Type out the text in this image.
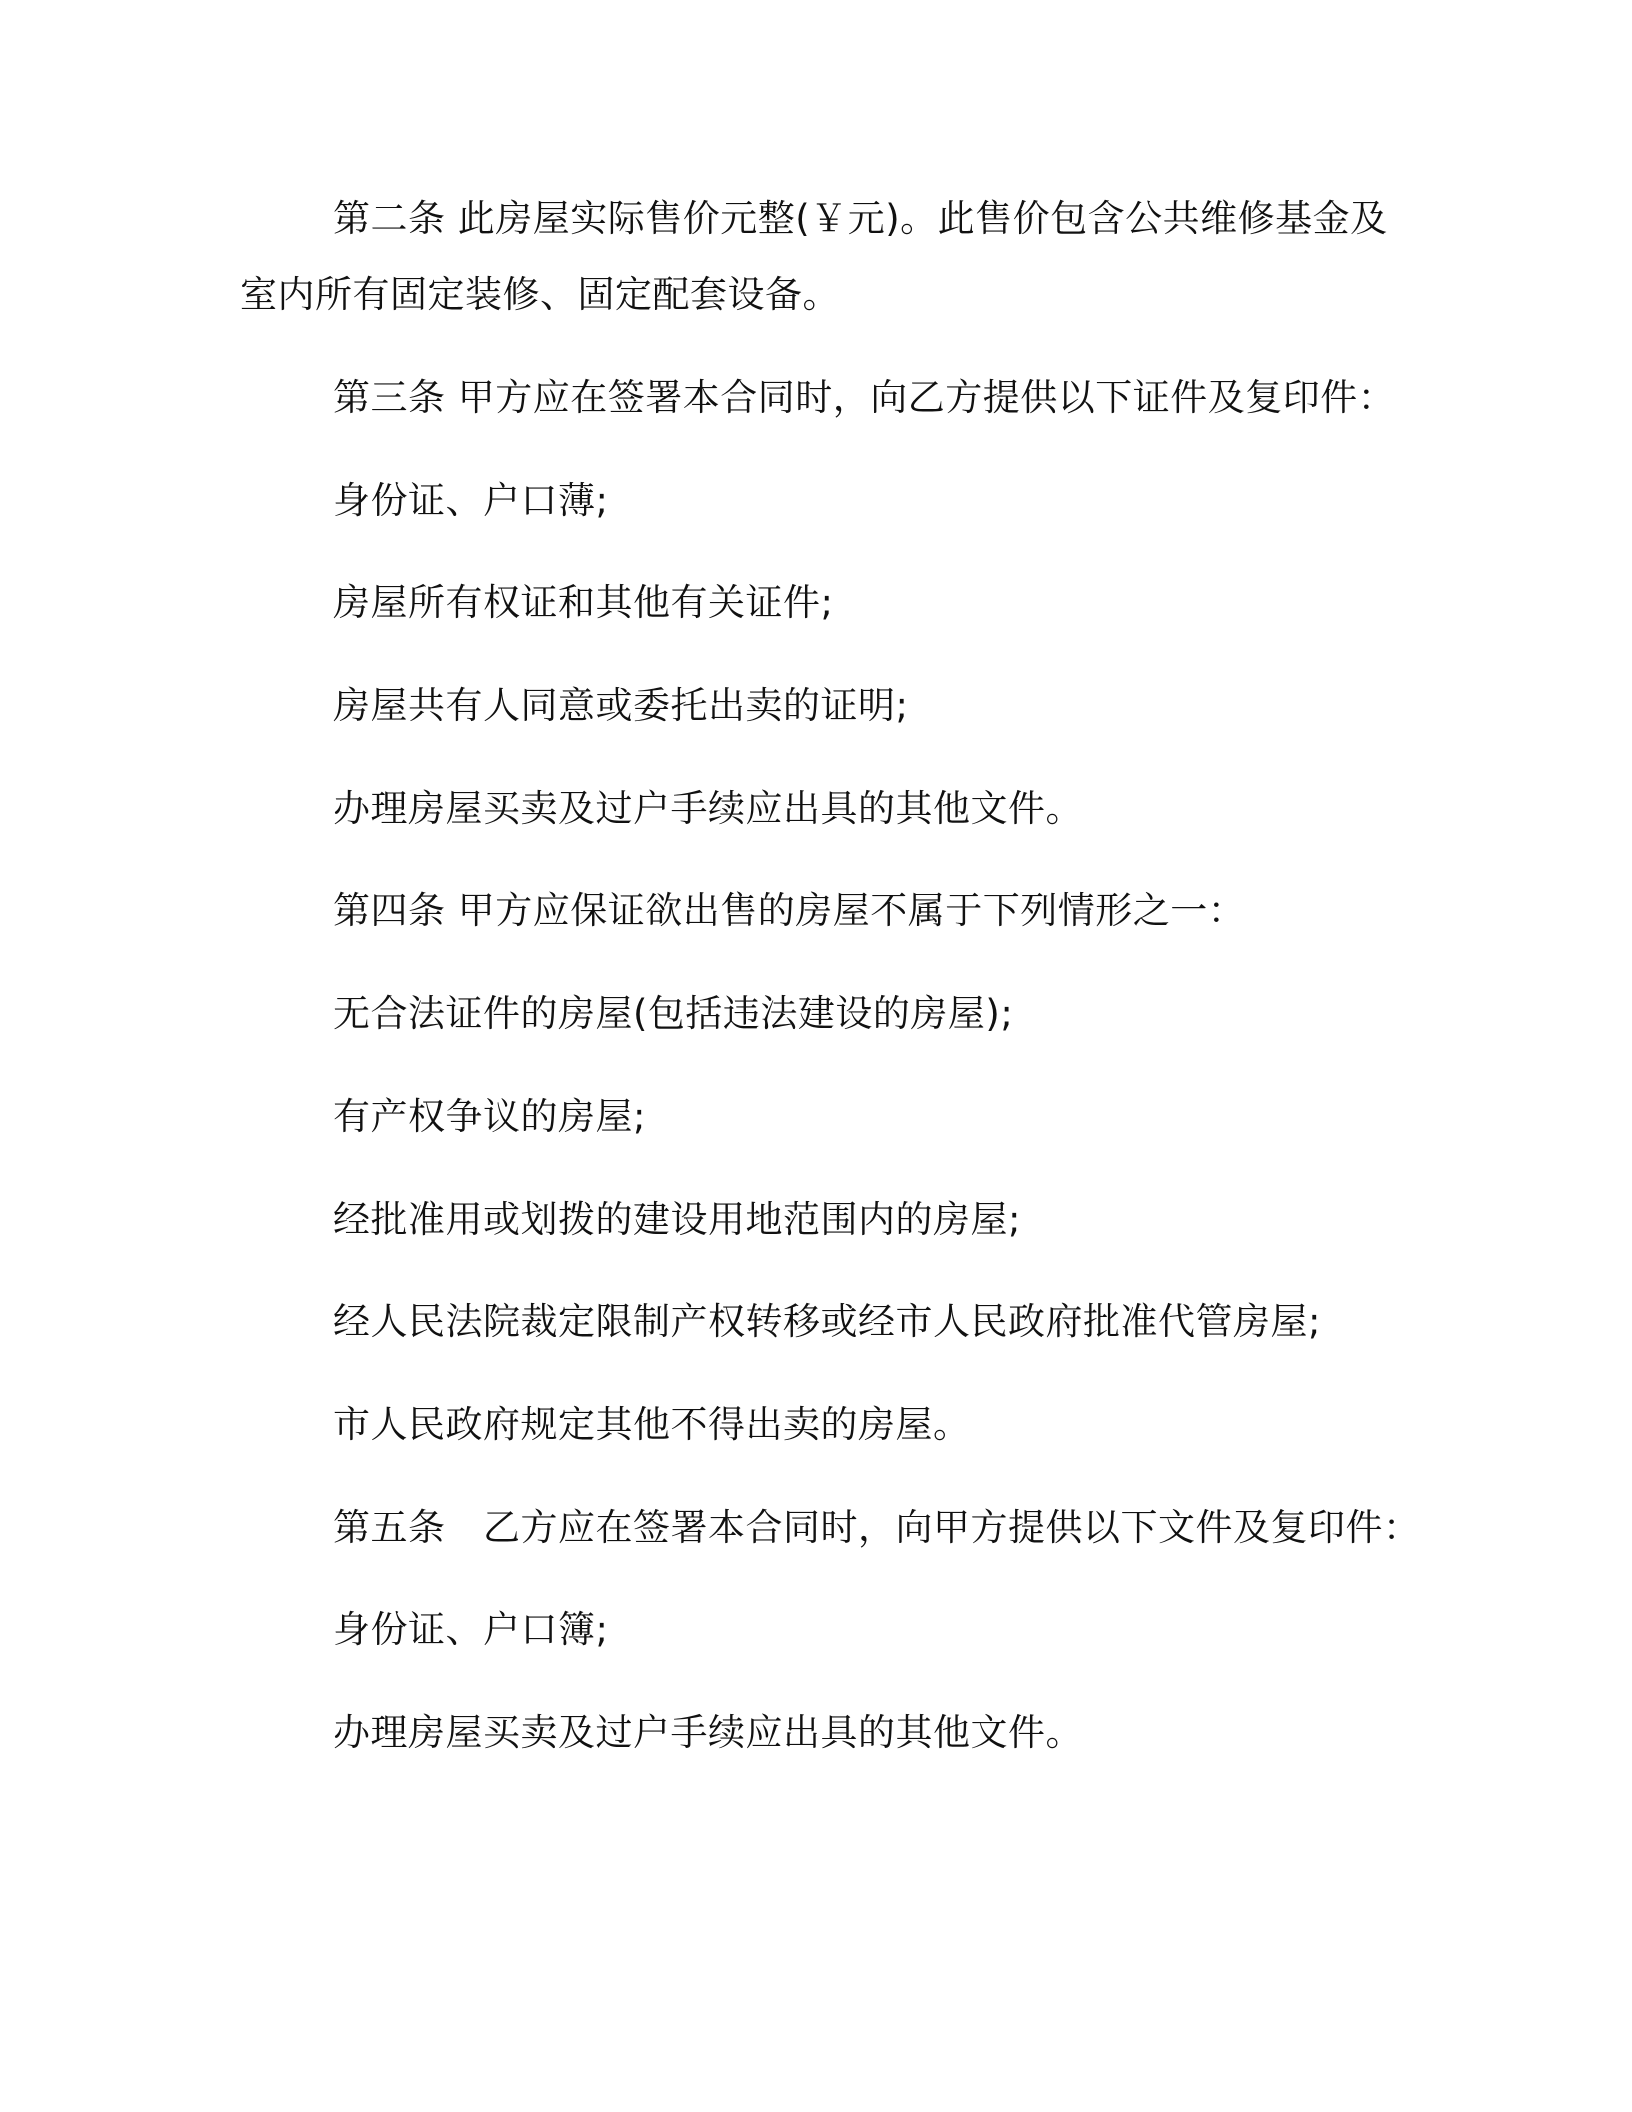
第二条 此房屋实际售价元整(￥元)。此售价包含公共维修基金及
室内所有固定装修、固定配套设备。
第三条 甲方应在签署本合同时，向乙方提供以下证件及复印件：
身份证、户口薄;
房屋所有权证和其他有关证件;
房屋共有人同意或委托出卖的证明;
办理房屋买卖及过户手续应出具的其他文件。
第四条 甲方应保证欲出售的房屋不属于下列情形之一：
无合法证件的房屋(包括违法建设的房屋);
有产权争议的房屋;
经批准用或划拨的建设用地范围内的房屋;
经人民法院裁定限制产权转移或经市人民政府批准代管房屋;
市人民政府规定其他不得出卖的房屋。
第五条　乙方应在签署本合同时，向甲方提供以下文件及复印件：
身份证、户口簿;
办理房屋买卖及过户手续应出具的其他文件。
